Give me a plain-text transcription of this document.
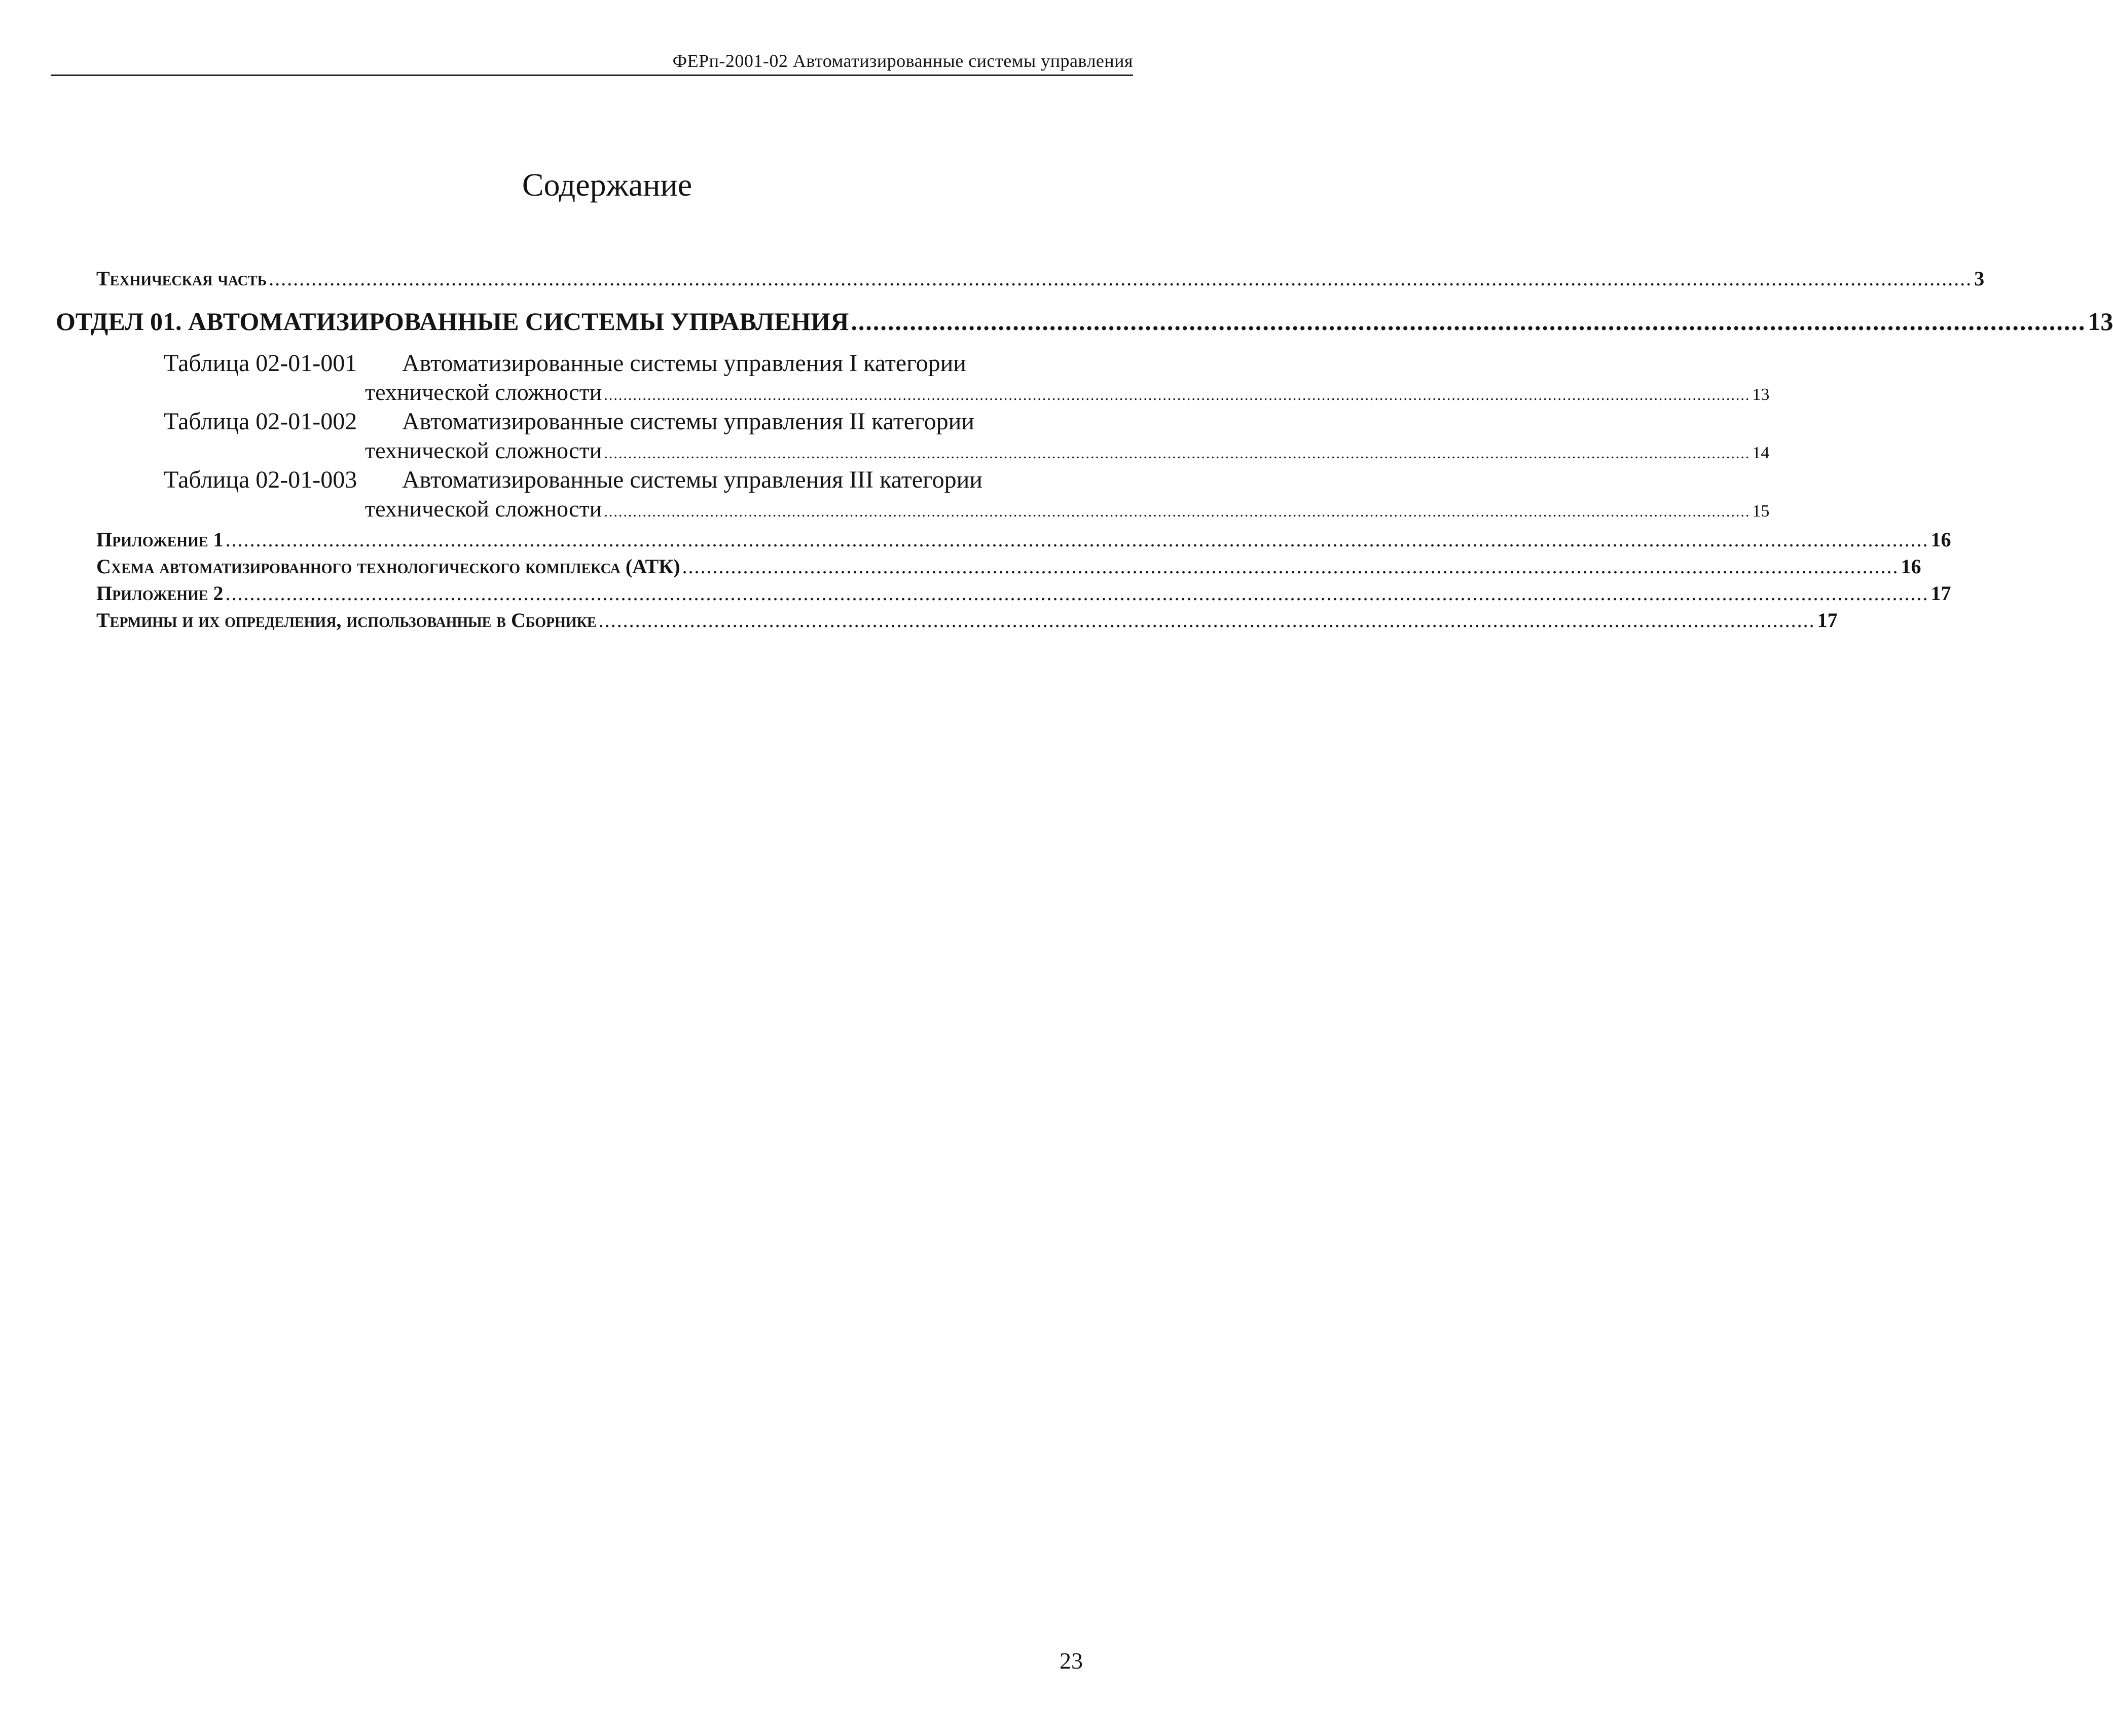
ФЕРп-2001-02 Автоматизированные системы управления
Содержание
Техническая часть ........................................................................................................................................................................................................................................................................................ 3
ОТДЕЛ 01. АВТОМАТИЗИРОВАННЫЕ СИСТЕМЫ УПРАВЛЕНИЯ ........................................................................................................................................................................ 13
Таблица 02-01-001 Автоматизированные системы управления I категории
технической сложности .............................................................................................................................................................................................................................................. 13
Таблица 02-01-002 Автоматизированные системы управления II категории
технической сложности .............................................................................................................................................................................................................................................. 14
Таблица 02-01-003 Автоматизированные системы управления III категории
технической сложности .............................................................................................................................................................................................................................................. 15
Приложение 1 ........................................................................................................................................................................................................................................................................................ 16
Схема автоматизированного технологического комплекса (АТК) ........................................................................................................................................................................................................ 16
Приложение 2 ........................................................................................................................................................................................................................................................................................ 17
Термины и их определения, использованные в Сборнике ........................................................................................................................................................................................................ 17
23
